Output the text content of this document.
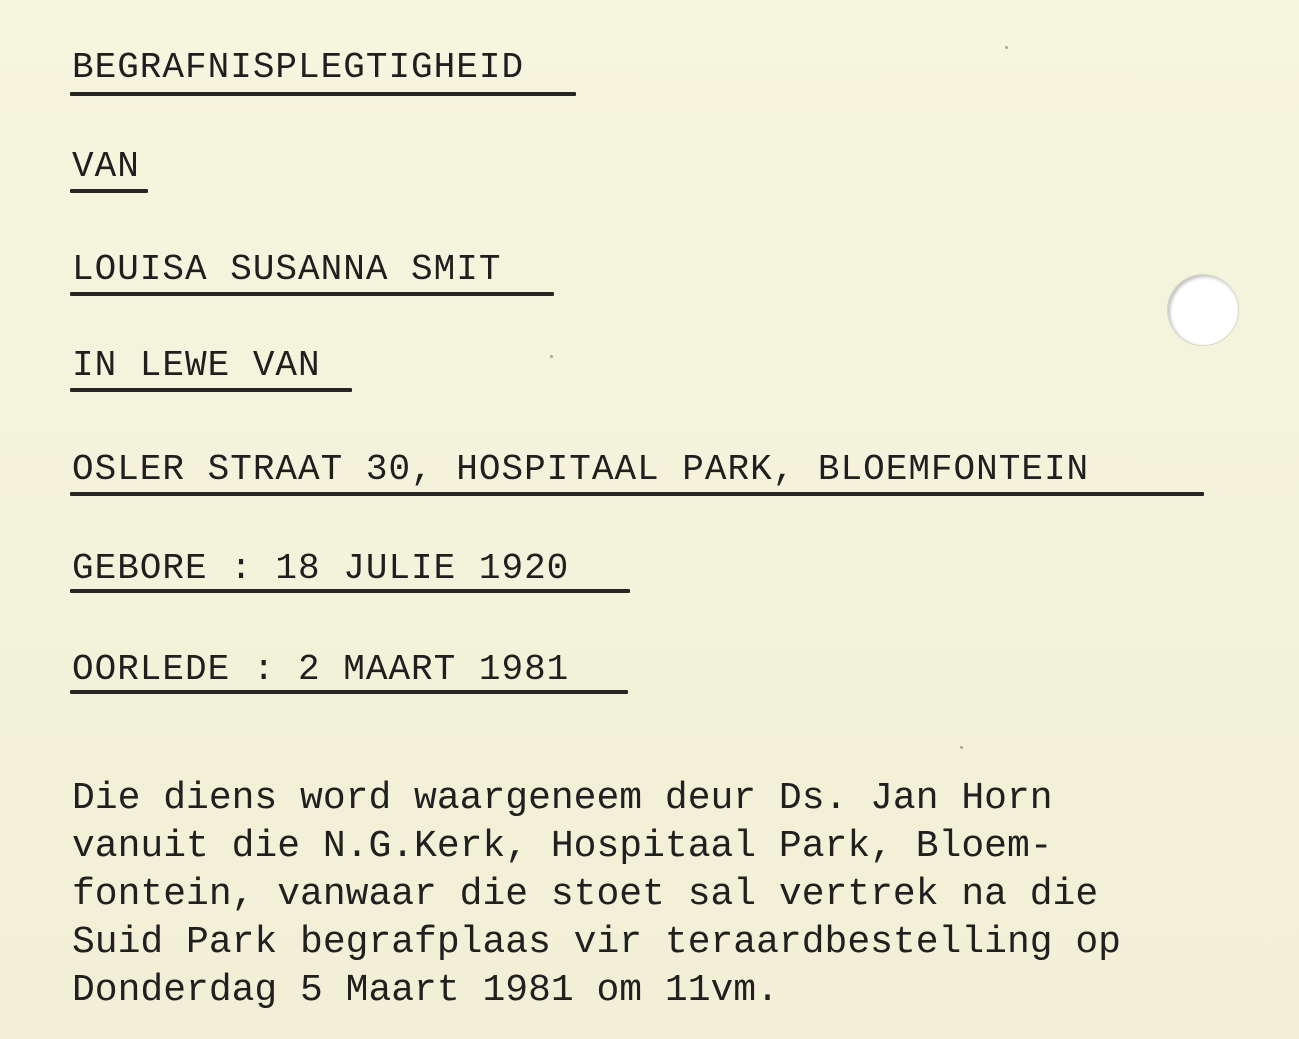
BEGRAFNISPLEGTIGHEID
VAN
LOUISA SUSANNA SMIT
IN LEWE VAN
OSLER STRAAT 30, HOSPITAAL PARK, BLOEMFONTEIN
GEBORE : 18 JULIE 1920
OORLEDE : 2 MAART 1981
Die diens word waargeneem deur Ds. Jan Horn
vanuit die N.G.Kerk, Hospitaal Park, Bloem-
fontein, vanwaar die stoet sal vertrek na die
Suid Park begrafplaas vir teraardbestelling op
Donderdag 5 Maart 1981 om 11vm.
